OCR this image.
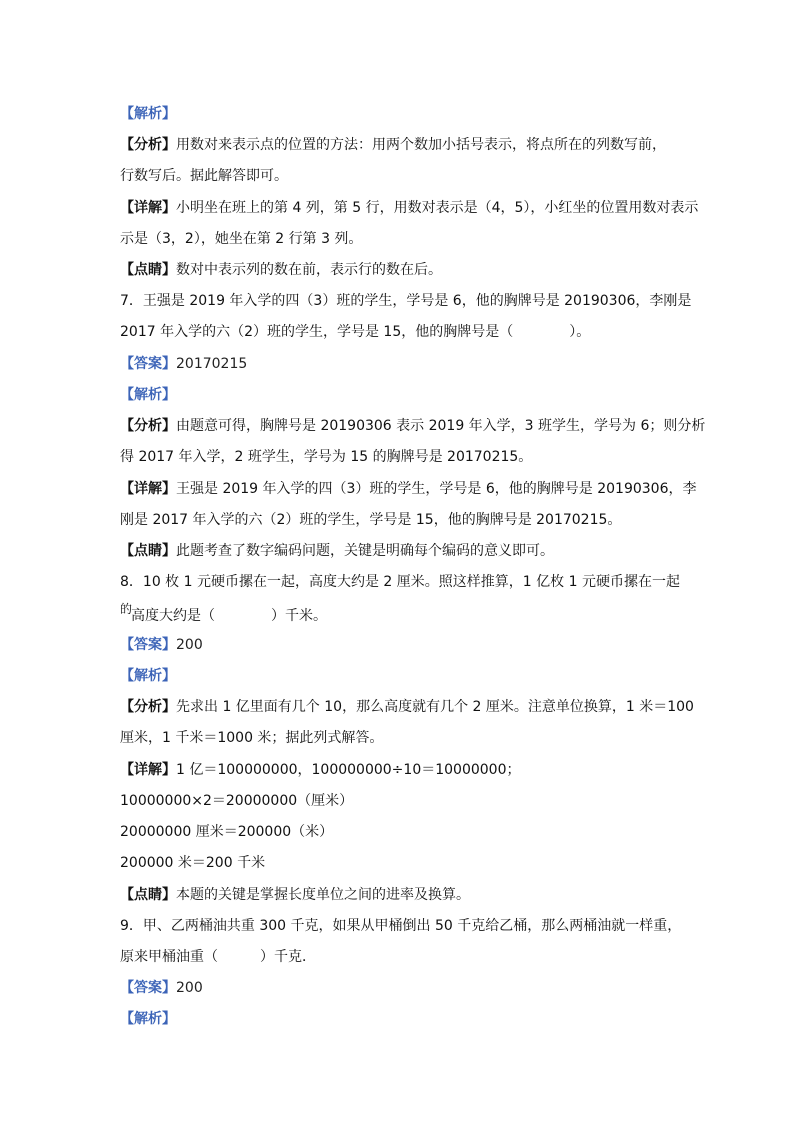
【解析】
【分析】用数对来表示点的位置的方法：用两个数加小括号表示，将点所在的列数写前，
行数写后。据此解答即可。
【详解】小明坐在班上的第 4 列，第 5 行，用数对表示是（4，5），小红坐的位置用数对表示
示是（3，2），她坐在第 2 行第 3 列。
【点睛】数对中表示列的数在前，表示行的数在后。
7．王强是 2019 年入学的四（3）班的学生，学号是 6，他的胸牌号是 20190306，李刚是
2017 年入学的六（2）班的学生，学号是 15，他的胸牌号是（　　　　）。
【答案】20170215
【解析】
【分析】由题意可得，胸牌号是 20190306 表示 2019 年入学，3 班学生，学号为 6；则分析
得 2017 年入学，2 班学生，学号为 15 的胸牌号是 20170215。
【详解】王强是 2019 年入学的四（3）班的学生，学号是 6，他的胸牌号是 20190306，李
刚是 2017 年入学的六（2）班的学生，学号是 15，他的胸牌号是 20170215。
【点睛】此题考查了数字编码问题，关键是明确每个编码的意义即可。
8．10 枚 1 元硬币摞在一起，高度大约是 2 厘米。照这样推算，1 亿枚 1 元硬币摞在一起
的
高度大约是（　　　　）千米。
【答案】200
【解析】
【分析】先求出 1 亿里面有几个 10，那么高度就有几个 2 厘米。注意单位换算，1 米＝100
厘米，1 千米＝1000 米；据此列式解答。
【详解】1 亿＝100000000，100000000÷10＝10000000；
10000000×2＝20000000（厘米）
20000000 厘米＝200000（米）
200000 米＝200 千米
【点睛】本题的关键是掌握长度单位之间的进率及换算。
9．甲、乙两桶油共重 300 千克，如果从甲桶倒出 50 千克给乙桶，那么两桶油就一样重，
原来甲桶油重（　　　）千克．
【答案】200
【解析】
